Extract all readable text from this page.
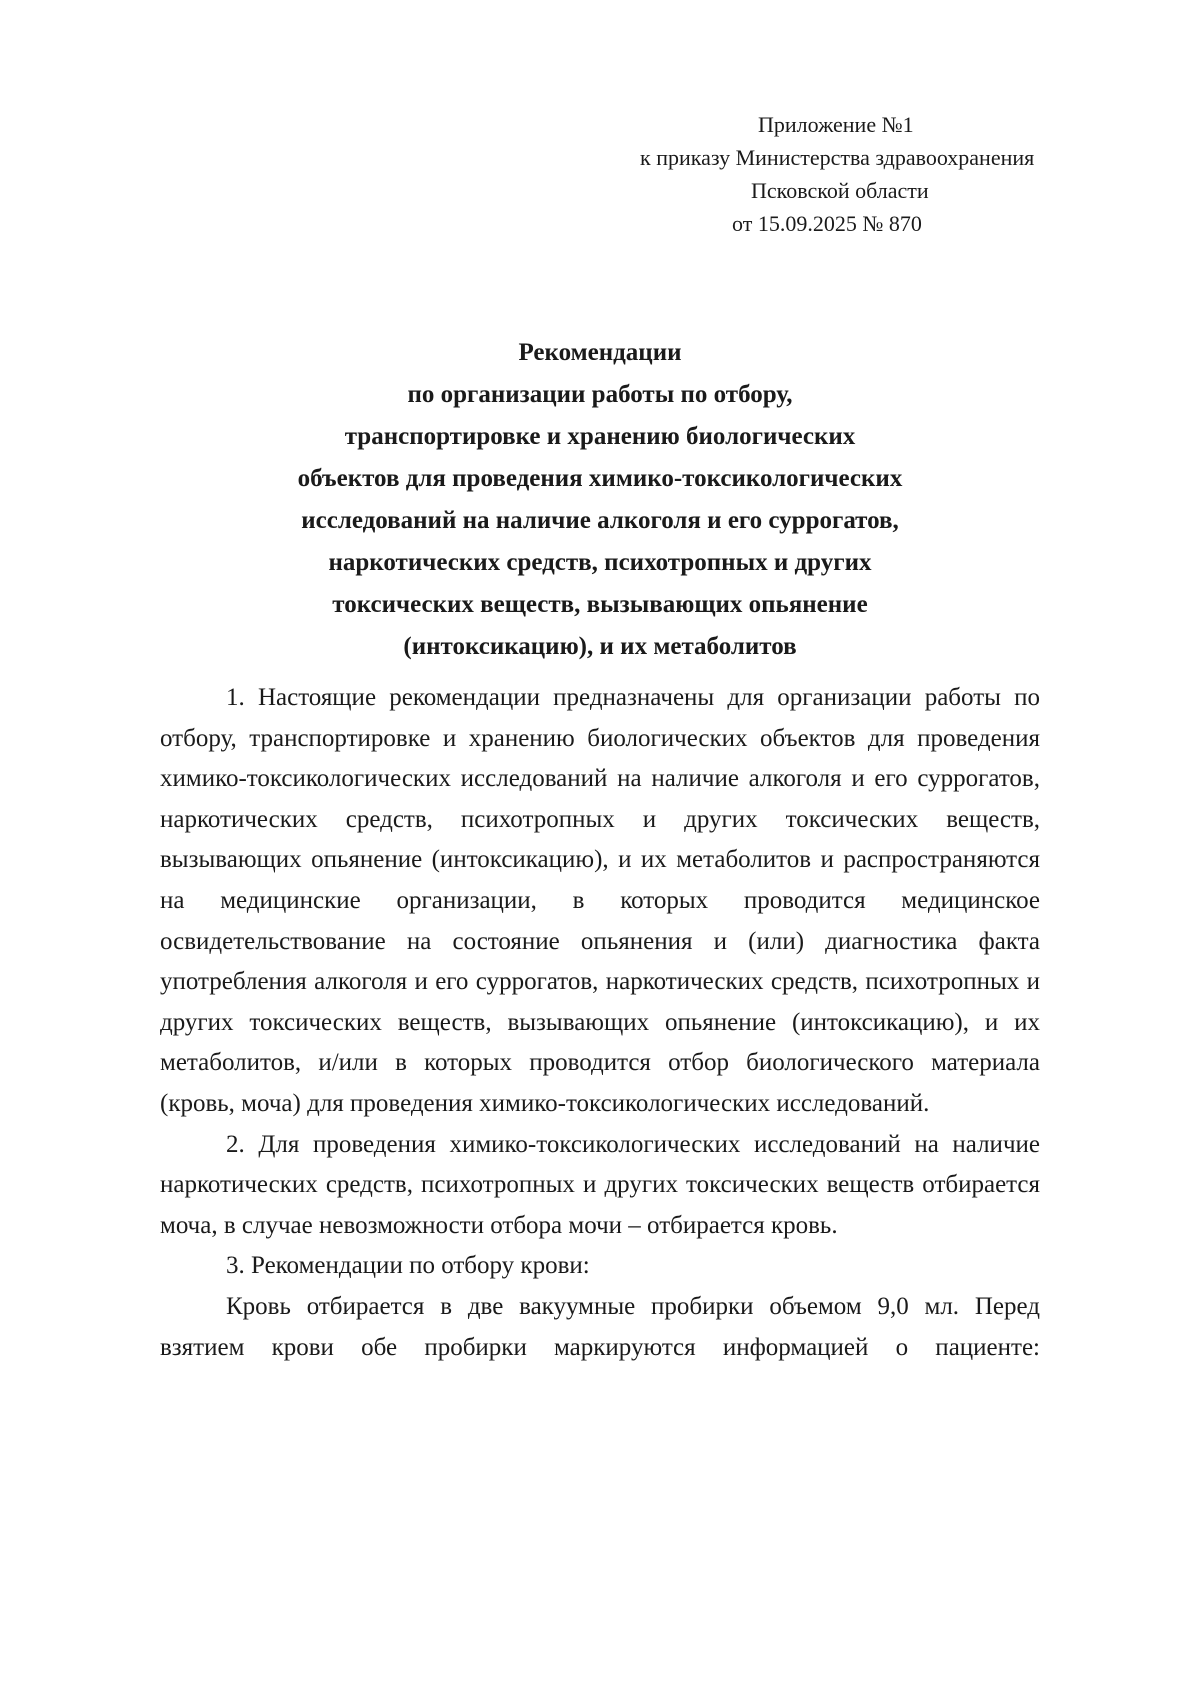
Приложение №1
к приказу Министерства здравоохранения
Псковской области
от 15.09.2025 № 870
Рекомендации
по организации работы по отбору,
транспортировке и хранению биологических
объектов для проведения химико-токсикологических
исследований на наличие алкоголя и его суррогатов,
наркотических средств, психотропных и других
токсических веществ, вызывающих опьянение
(интоксикацию), и их метаболитов

1. Настоящие рекомендации предназначены для организации работы по отбору, транспортировке и хранению биологических объектов для проведения химико-токсикологических исследований на наличие алкоголя и его суррогатов, наркотических средств, психотропных и других токсических веществ, вызывающих опьянение (интоксикацию), и их метаболитов и распространяются на медицинские организации, в которых проводится медицинское освидетельствование на состояние опьянения и (или) диагностика факта употребления алкоголя и его суррогатов, наркотических средств, психотропных и других токсических веществ, вызывающих опьянение (интоксикацию), и их метаболитов, и/или в которых проводится отбор биологического материала (кровь, моча) для проведения химико-токсикологических исследований.

2. Для проведения химико-токсикологических исследований на наличие наркотических средств, психотропных и других токсических веществ отбирается моча, в случае невозможности отбора мочи – отбирается кровь.

3. Рекомендации по отбору крови:

Кровь отбирается в две вакуумные пробирки объемом 9,0 мл. Перед взятием крови обе пробирки маркируются информацией о пациенте:
